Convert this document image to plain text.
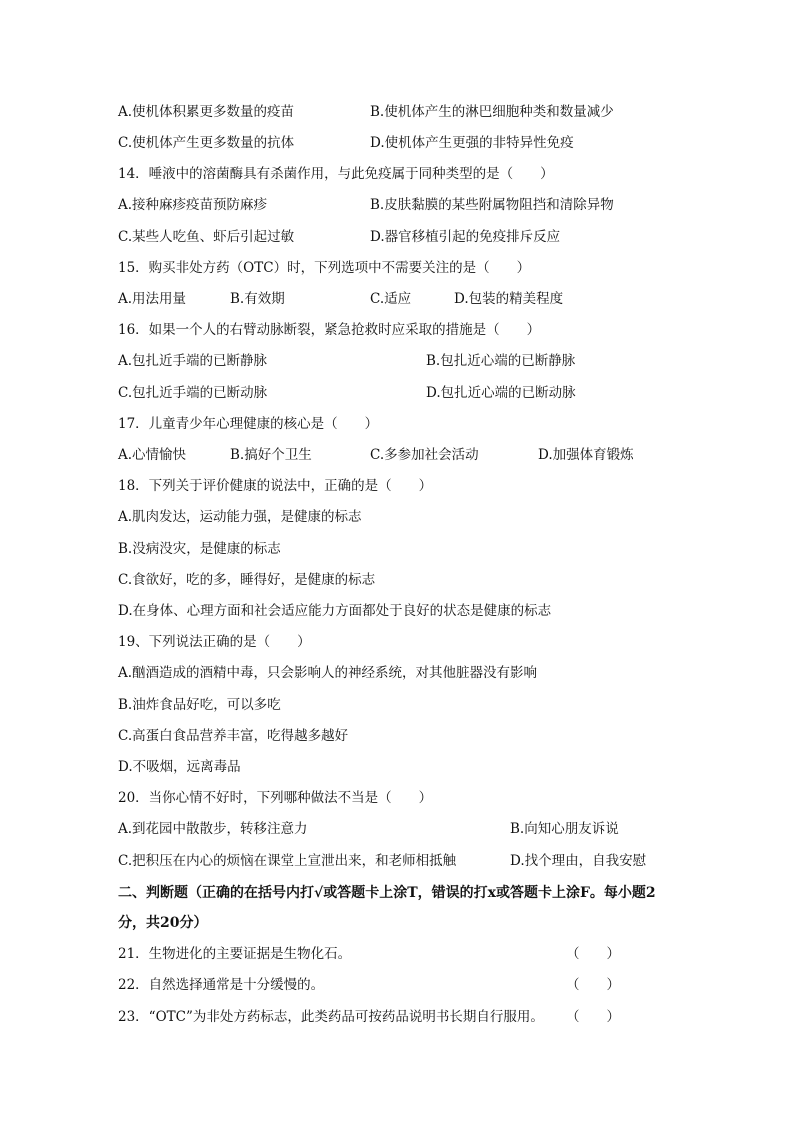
A.使机体积累更多数量的疫苗	B.使机体产生的淋巴细胞种类和数量减少
C.使机体产生更多数量的抗体	D.使机体产生更强的非特异性免疫
14．唾液中的溶菌酶具有杀菌作用，与此免疫属于同种类型的是（　　）
A.接种麻疹疫苗预防麻疹	B.皮肤黏膜的某些附属物阻挡和清除异物
C.某些人吃鱼、虾后引起过敏	D.器官移植引起的免疫排斥反应
15．购买非处方药（OTC）时，下列选项中不需要关注的是（　　）
A.用法用量	B.有效期	C.适应	D.包装的精美程度
16．如果一个人的右臂动脉断裂，紧急抢救时应采取的措施是（　　）
A.包扎近手端的已断静脉	B.包扎近心端的已断静脉
C.包扎近手端的已断动脉	D.包扎近心端的已断动脉
17．儿童青少年心理健康的核心是（　　）
A.心情愉快	B.搞好个卫生	C.多参加社会活动	D.加强体育锻炼
18．下列关于评价健康的说法中，正确的是（　　）
A.肌肉发达，运动能力强，是健康的标志
B.没病没灾，是健康的标志
C.食欲好，吃的多，睡得好，是健康的标志
D.在身体、心理方面和社会适应能力方面都处于良好的状态是健康的标志
19、下列说法正确的是（　　）
A.酗酒造成的酒精中毒，只会影响人的神经系统，对其他脏器没有影响
B.油炸食品好吃，可以多吃
C.高蛋白食品营养丰富，吃得越多越好
D.不吸烟，远离毒品
20．当你心情不好时，下列哪种做法不当是（　　）
A.到花园中散散步，转移注意力	B.向知心朋友诉说
C.把积压在内心的烦恼在课堂上宣泄出来，和老师相抵触	D.找个理由，自我安慰
二、判断题（正确的在括号内打√或答题卡上涂T，错误的打x或答题卡上涂F。每小题2
分，共20分）
21．生物进化的主要证据是生物化石。	（　　）
22．自然选择通常是十分缓慢的。	（　　）
23．“OTC”为非处方药标志，此类药品可按药品说明书长期自行服用。 （　　）
